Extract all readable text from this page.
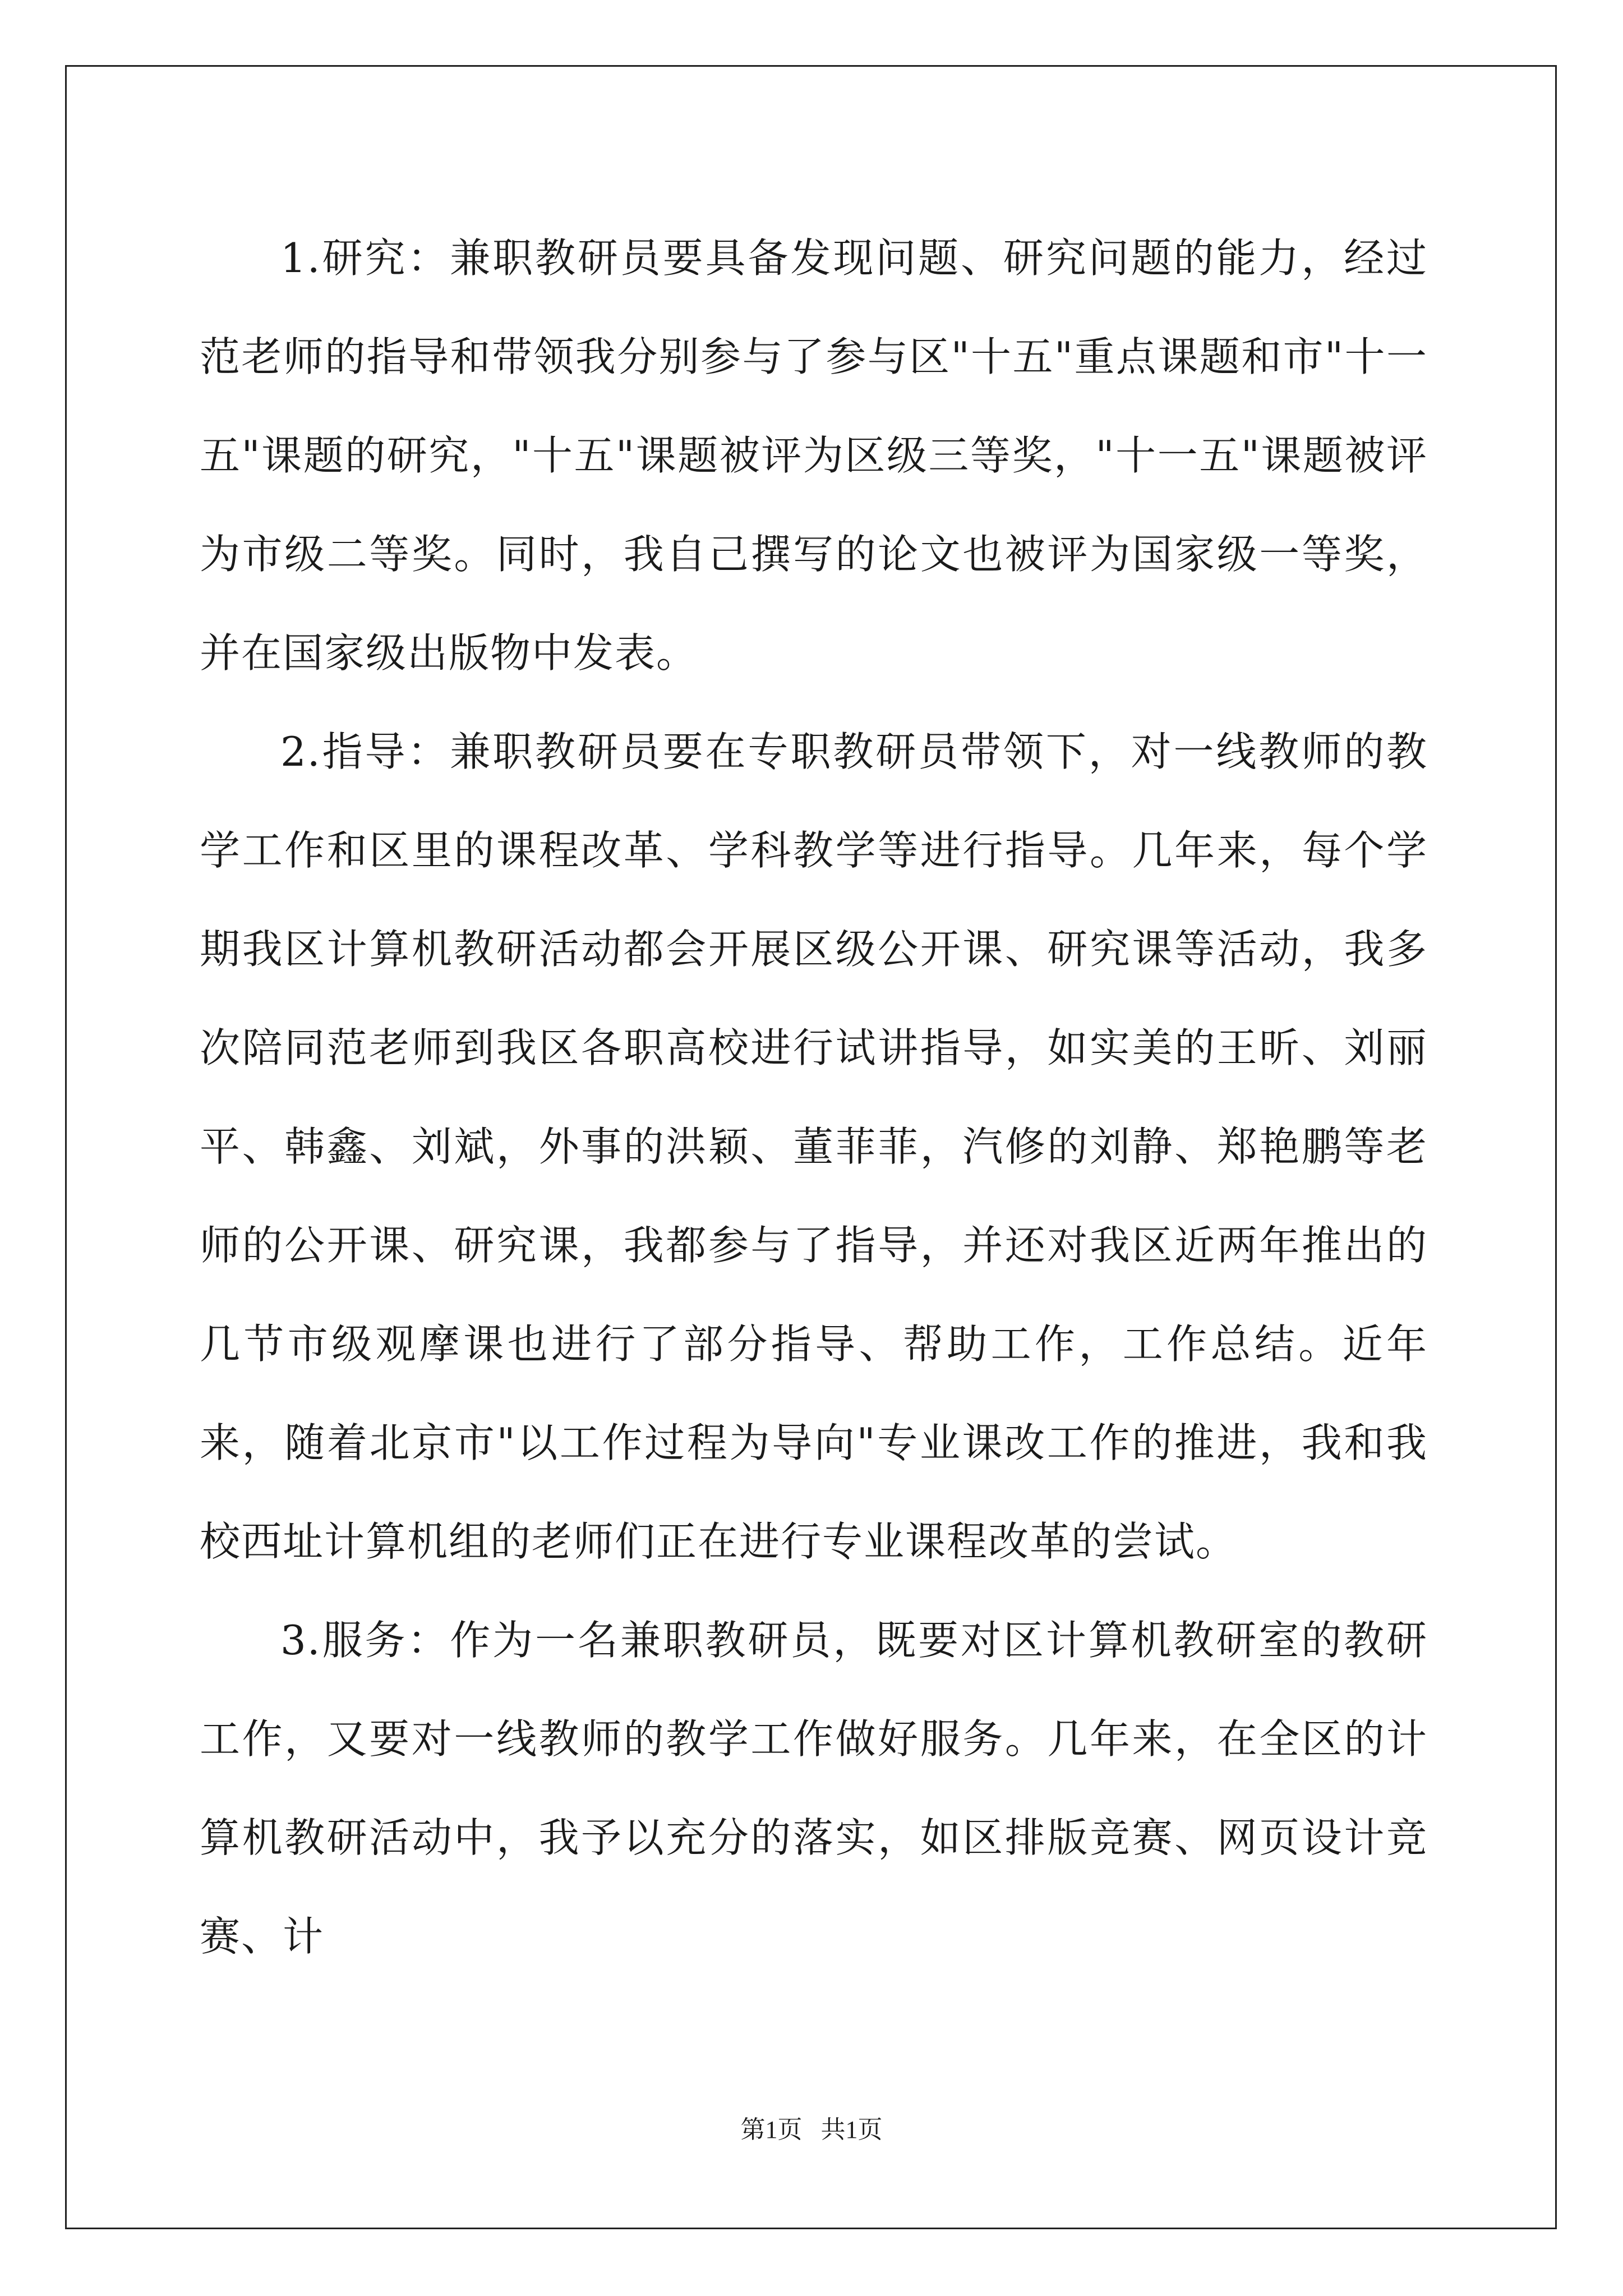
1.研究：兼职教研员要具备发现问题、研究问题的能力，经过范老师的指导和带领我分别参与了参与区"十五"重点课题和市"十一五"课题的研究，"十五"课题被评为区级三等奖，"十一五"课题被评为市级二等奖。同时，我自己撰写的论文也被评为国家级一等奖，并在国家级出版物中发表。

2.指导：兼职教研员要在专职教研员带领下，对一线教师的教学工作和区里的课程改革、学科教学等进行指导。几年来，每个学期我区计算机教研活动都会开展区级公开课、研究课等活动，我多次陪同范老师到我区各职高校进行试讲指导，如实美的王昕、刘丽平、韩鑫、刘斌，外事的洪颖、董菲菲，汽修的刘静、郑艳鹏等老师的公开课、研究课，我都参与了指导，并还对我区近两年推出的几节市级观摩课也进行了部分指导、帮助工作，工作总结。近年来，随着北京市"以工作过程为导向"专业课改工作的推进，我和我校西址计算机组的老师们正在进行专业课程改革的尝试。

3.服务：作为一名兼职教研员，既要对区计算机教研室的教研工作，又要对一线教师的教学工作做好服务。几年来，在全区的计算机教研活动中，我予以充分的落实，如区排版竞赛、网页设计竞赛、计

第1页   共1页
